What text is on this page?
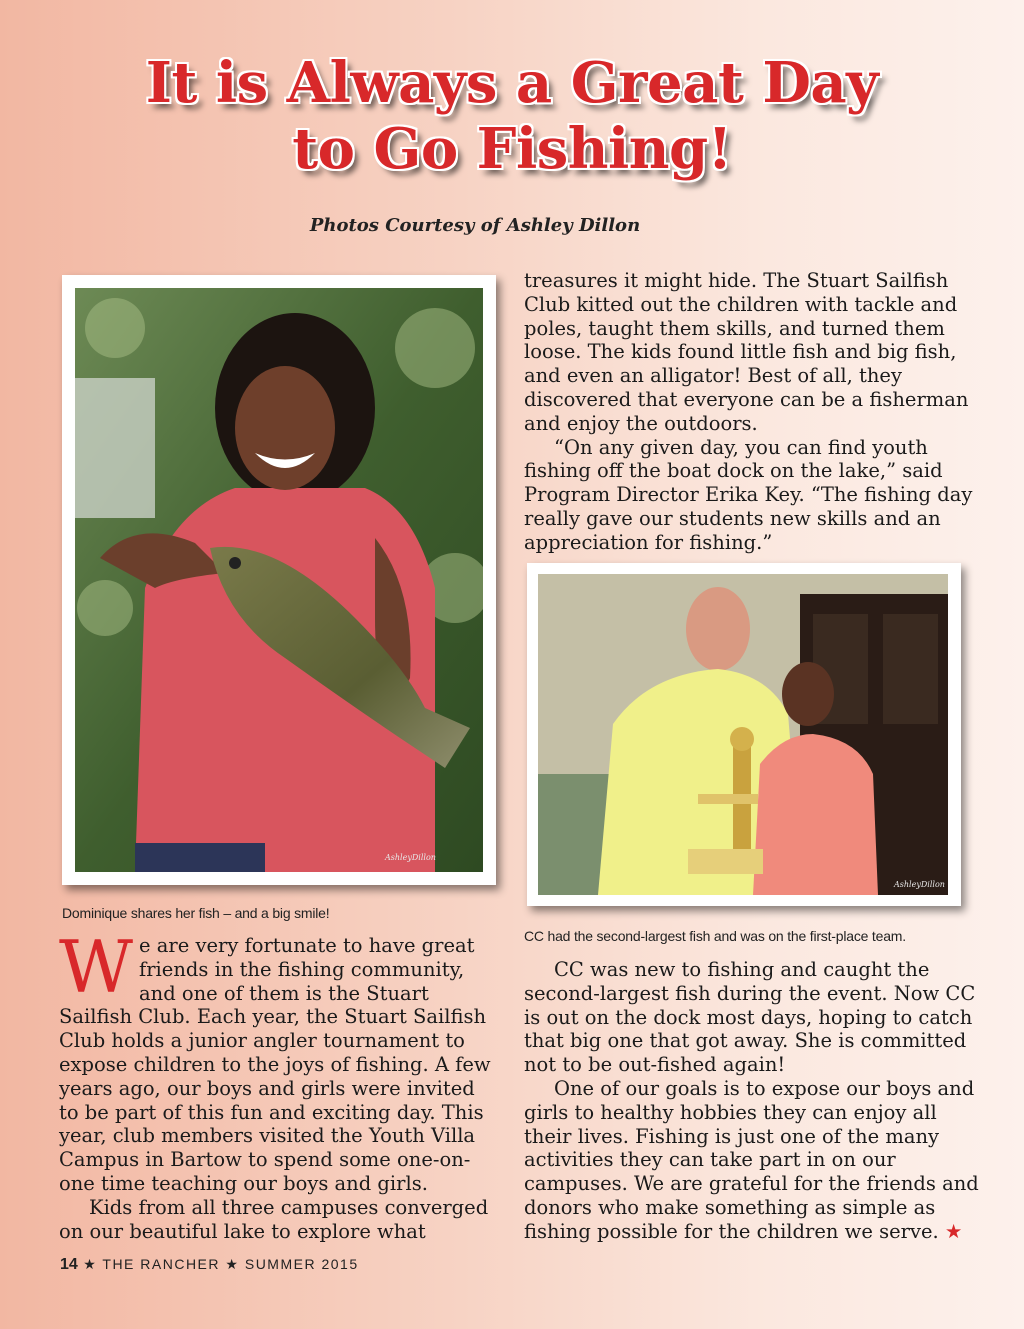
It is Always a Great Day
to Go Fishing!
Photos Courtesy of Ashley Dillon
AshleyDillon
Dominique shares her fish – and a big smile!
AshleyDillon
CC had the second-largest fish and was on the first-place team.

We are very fortunate to have great friends in the fishing community, and one of them is the Stuart Sailfish Club. Each year, the Stuart Sailfish Club holds a junior angler tournament to expose children to the joys of fishing. A few years ago, our boys and girls were invited to be part of this fun and exciting day. This year, club members visited the Youth Villa Campus in Bartow to spend some one-on-one time teaching our boys and girls.

Kids from all three campuses converged on our beautiful lake to explore what

treasures it might hide. The Stuart Sailfish Club kitted out the children with tackle and poles, taught them skills, and turned them loose. The kids found little fish and big fish, and even an alligator! Best of all, they discovered that everyone can be a fisherman and enjoy the outdoors.

“On any given day, you can find youth fishing off the boat dock on the lake,” said Program Director Erika Key. “The fishing day really gave our students new skills and an appreciation for fishing.”

CC was new to fishing and caught the second-largest fish during the event. Now CC is out on the dock most days, hoping to catch that big one that got away. She is committed not to be out-fished again!

One of our goals is to expose our boys and girls to healthy hobbies they can enjoy all their lives. Fishing is just one of the many activities they can take part in on our campuses. We are grateful for the friends and donors who make something as simple as fishing possible for the children we serve. ★

14 ★ THE RANCHER ★ SUMMER 2015
